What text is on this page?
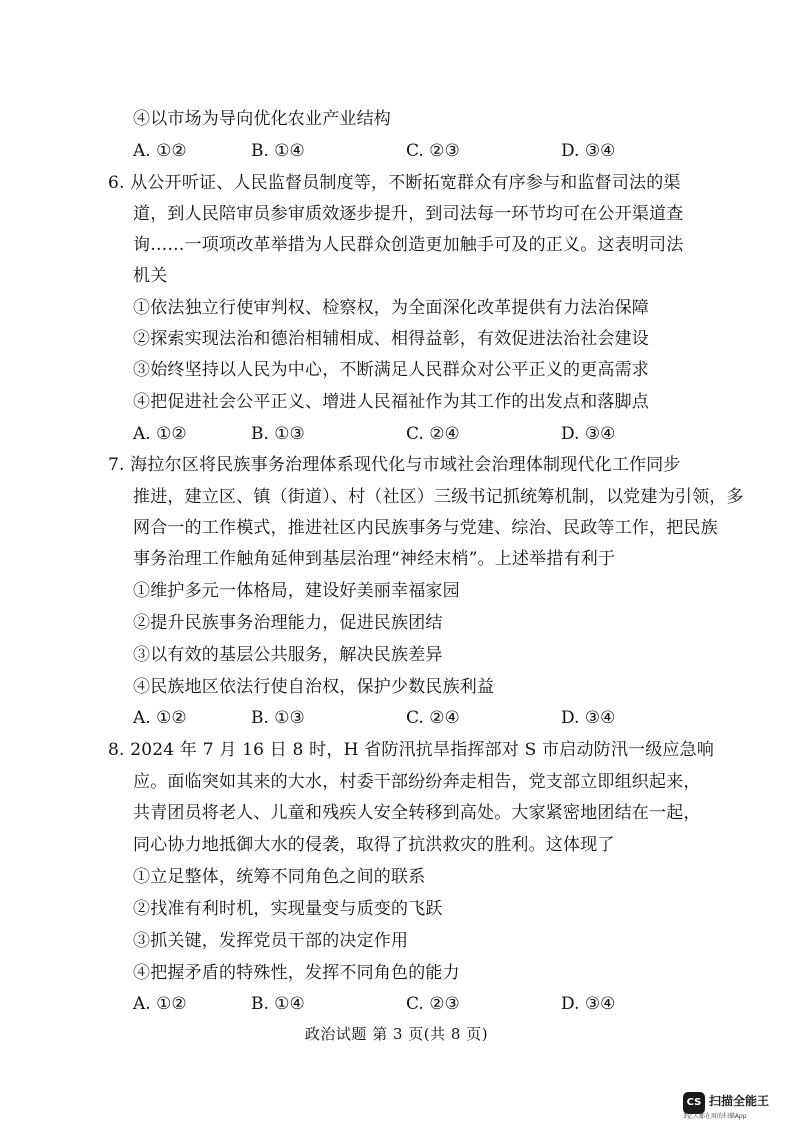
④以市场为导向优化农业产业结构
A. ①②	B. ①④	C. ②③	D. ③④
6. 从公开听证、人民监督员制度等，不断拓宽群众有序参与和监督司法的渠
道，到人民陪审员参审质效逐步提升，到司法每一环节均可在公开渠道查
询……一项项改革举措为人民群众创造更加触手可及的正义。这表明司法
机关
①依法独立行使审判权、检察权，为全面深化改革提供有力法治保障
②探索实现法治和德治相辅相成、相得益彰，有效促进法治社会建设
③始终坚持以人民为中心，不断满足人民群众对公平正义的更高需求
④把促进社会公平正义、增进人民福祉作为其工作的出发点和落脚点
A. ①②	B. ①③	C. ②④	D. ③④
7. 海拉尔区将民族事务治理体系现代化与市域社会治理体制现代化工作同步
推进，建立区、镇（街道）、村（社区）三级书记抓统筹机制，以党建为引领，多
网合一的工作模式，推进社区内民族事务与党建、综治、民政等工作，把民族
事务治理工作触角延伸到基层治理“神经末梢”。上述举措有利于
①维护多元一体格局，建设好美丽幸福家园
②提升民族事务治理能力，促进民族团结
③以有效的基层公共服务，解决民族差异
④民族地区依法行使自治权，保护少数民族利益
A. ①②	B. ①③	C. ②④	D. ③④
8. 2024 年 7 月 16 日 8 时，H 省防汛抗旱指挥部对 S 市启动防汛一级应急响
应。面临突如其来的大水，村委干部纷纷奔走相告，党支部立即组织起来，
共青团员将老人、儿童和残疾人安全转移到高处。大家紧密地团结在一起，
同心协力地抵御大水的侵袭，取得了抗洪救灾的胜利。这体现了
①立足整体，统筹不同角色之间的联系
②找准有利时机，实现量变与质变的飞跃
③抓关键，发挥党员干部的决定作用
④把握矛盾的特殊性，发挥不同角色的能力
A. ①②	B. ①④	C. ②③	D. ③④
政治试题 第 3 页(共 8 页)
CS 扫描全能王
3亿人都在用的扫描App
